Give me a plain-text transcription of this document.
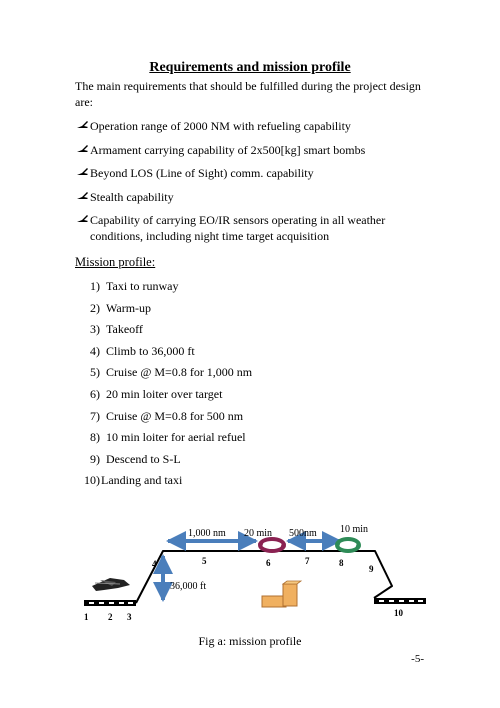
Requirements and mission profile
The main requirements that should be fulfilled during the project design are:
Operation range of 2000 NM with refueling capability
Armament carrying capability of 2x500[kg] smart bombs
Beyond LOS (Line of Sight) comm. capability
Stealth capability
Capability of carrying EO/IR sensors operating in all weather conditions, including night time target acquisition
Mission profile:
1) Taxi to runway
2) Warm-up
3) Takeoff
4) Climb to 36,000 ft
5) Cruise @ M=0.8 for 1,000 nm
6) 20 min loiter over target
7) Cruise @ M=0.8 for 500 nm
8) 10 min loiter for aerial refuel
9) Descend to S-L
10) Landing and taxi
1,000 nm 20 min 500nm 10 min
36,000 ft
1 2 3
4	5	6	7	8
9
10
Fig a: mission profile
-5-
